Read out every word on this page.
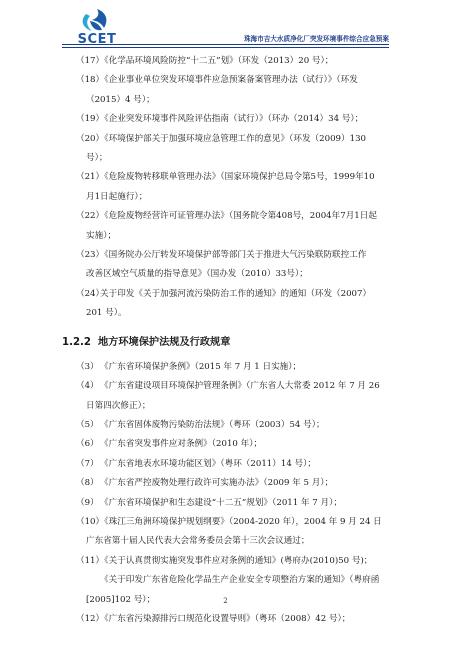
SCET	珠海市吉大水质净化厂突发环境事件综合应急预案
（17）
《化学品环境风险防控“十二五”划》（环发（2013）20 号）；
（18）
《企业事业单位突发环境事件应急预案备案管理办法（试行）》（环发
（2015）4 号）；
（19）
《企业突发环境事件风险评估指南（试行）》（环办（2014）34 号）；
（20）
《环境保护部关于加强环境应急管理工作的意见》（环发（2009）130
号）；
（21）
《危险废物转移联单管理办法》（国家环境保护总局令第5号，1999年10
月1日起施行）；
（22）
《危险废物经营许可证管理办法》（国务院令第408号，2004年7月1日起
实施）；
（23）
《国务院办公厅转发环境保护部等部门关于推进大气污染联防联控工作
改善区域空气质量的指导意见》（国办发（2010）33号）；
（24）
关于印发《关于加强河流污染防治工作的通知》的通知（环发（2007）
201 号）。
1.2.2 地方环境保护法规及行政规章
（3） 《广东省环境保护条例》（2015 年 7 月 1 日实施）；
（4） 《广东省建设项目环境保护管理条例》（广东省人大常委 2012 年 7 月 26
日第四次修正）；
（5） 《广东省固体废物污染防治法规》（粤环（2003）54 号）；
（6） 《广东省突发事件应对条例》（2010 年）；
（7） 《广东省地表水环境功能区划》（粤环（2011）14 号）；
（8） 《广东省严控废物处理行政许可实施办法》（2009 年 5 月）；
（9） 《广东省环境保护和生态建设“十二五”规划》（2011 年 7 月）；
（10）
《珠江三角洲环境保护规划纲要》（2004-2020 年），2004 年 9 月 24 日
广东省第十届人民代表大会常务委员会第十三次会议通过；
（11）
《关于认真贯彻实施突发事件应对条例的通知》(粤府办(2010)50 号)；
《关于印发广东省危险化学品生产企业安全专项整治方案的通知》（粤府函
[2005]102 号）；
（12）
《广东省污染源排污口规范化设置导则》（粤环（2008）42 号）；
2
